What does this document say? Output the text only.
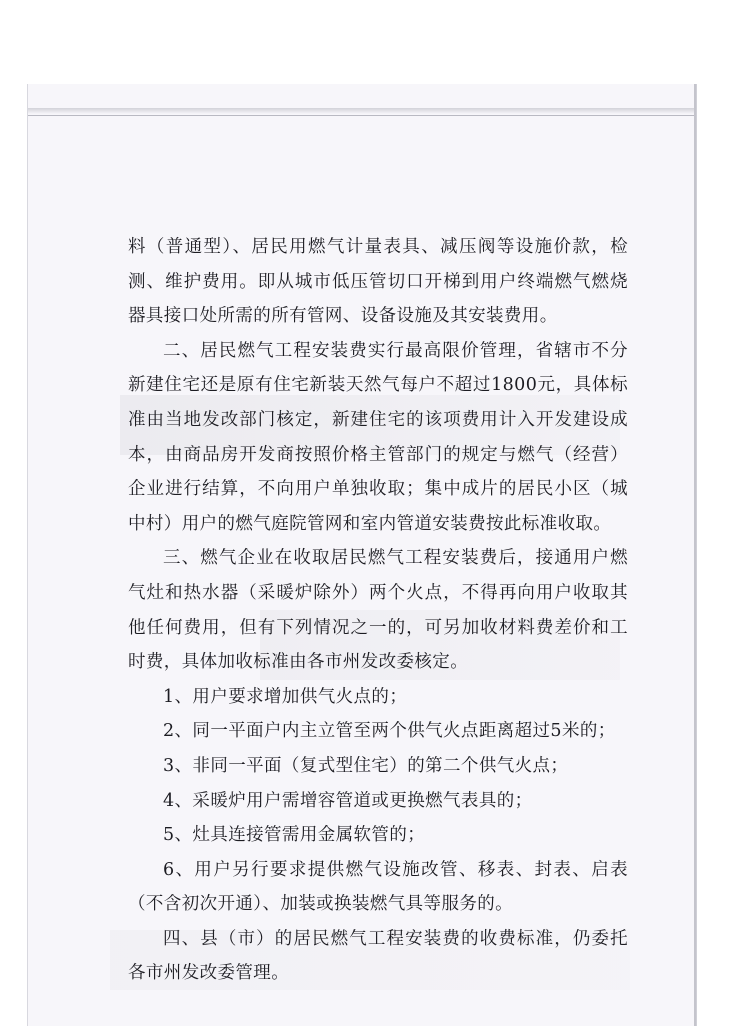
料（普通型）、居民用燃气计量表具、减压阀等设施价款，检测、维护费用。即从城市低压管切口开梯到用户终端燃气燃烧器具接口处所需的所有管网、设备设施及其安装费用。

二、居民燃气工程安装费实行最高限价管理，省辖市不分新建住宅还是原有住宅新装天然气每户不超过1800元，具体标准由当地发改部门核定，新建住宅的该项费用计入开发建设成本，由商品房开发商按照价格主管部门的规定与燃气（经营）企业进行结算，不向用户单独收取；集中成片的居民小区（城中村）用户的燃气庭院管网和室内管道安装费按此标准收取。

三、燃气企业在收取居民燃气工程安装费后，接通用户燃气灶和热水器（采暖炉除外）两个火点，不得再向用户收取其他任何费用，但有下列情况之一的，可另加收材料费差价和工时费，具体加收标准由各市州发改委核定。

1、用户要求增加供气火点的；

2、同一平面户内主立管至两个供气火点距离超过5米的；

3、非同一平面（复式型住宅）的第二个供气火点；

4、采暖炉用户需增容管道或更换燃气表具的；

5、灶具连接管需用金属软管的；

6、用户另行要求提供燃气设施改管、移表、封表、启表（不含初次开通）、加装或换装燃气具等服务的。

四、县（市）的居民燃气工程安装费的收费标准，仍委托各市州发改委管理。
